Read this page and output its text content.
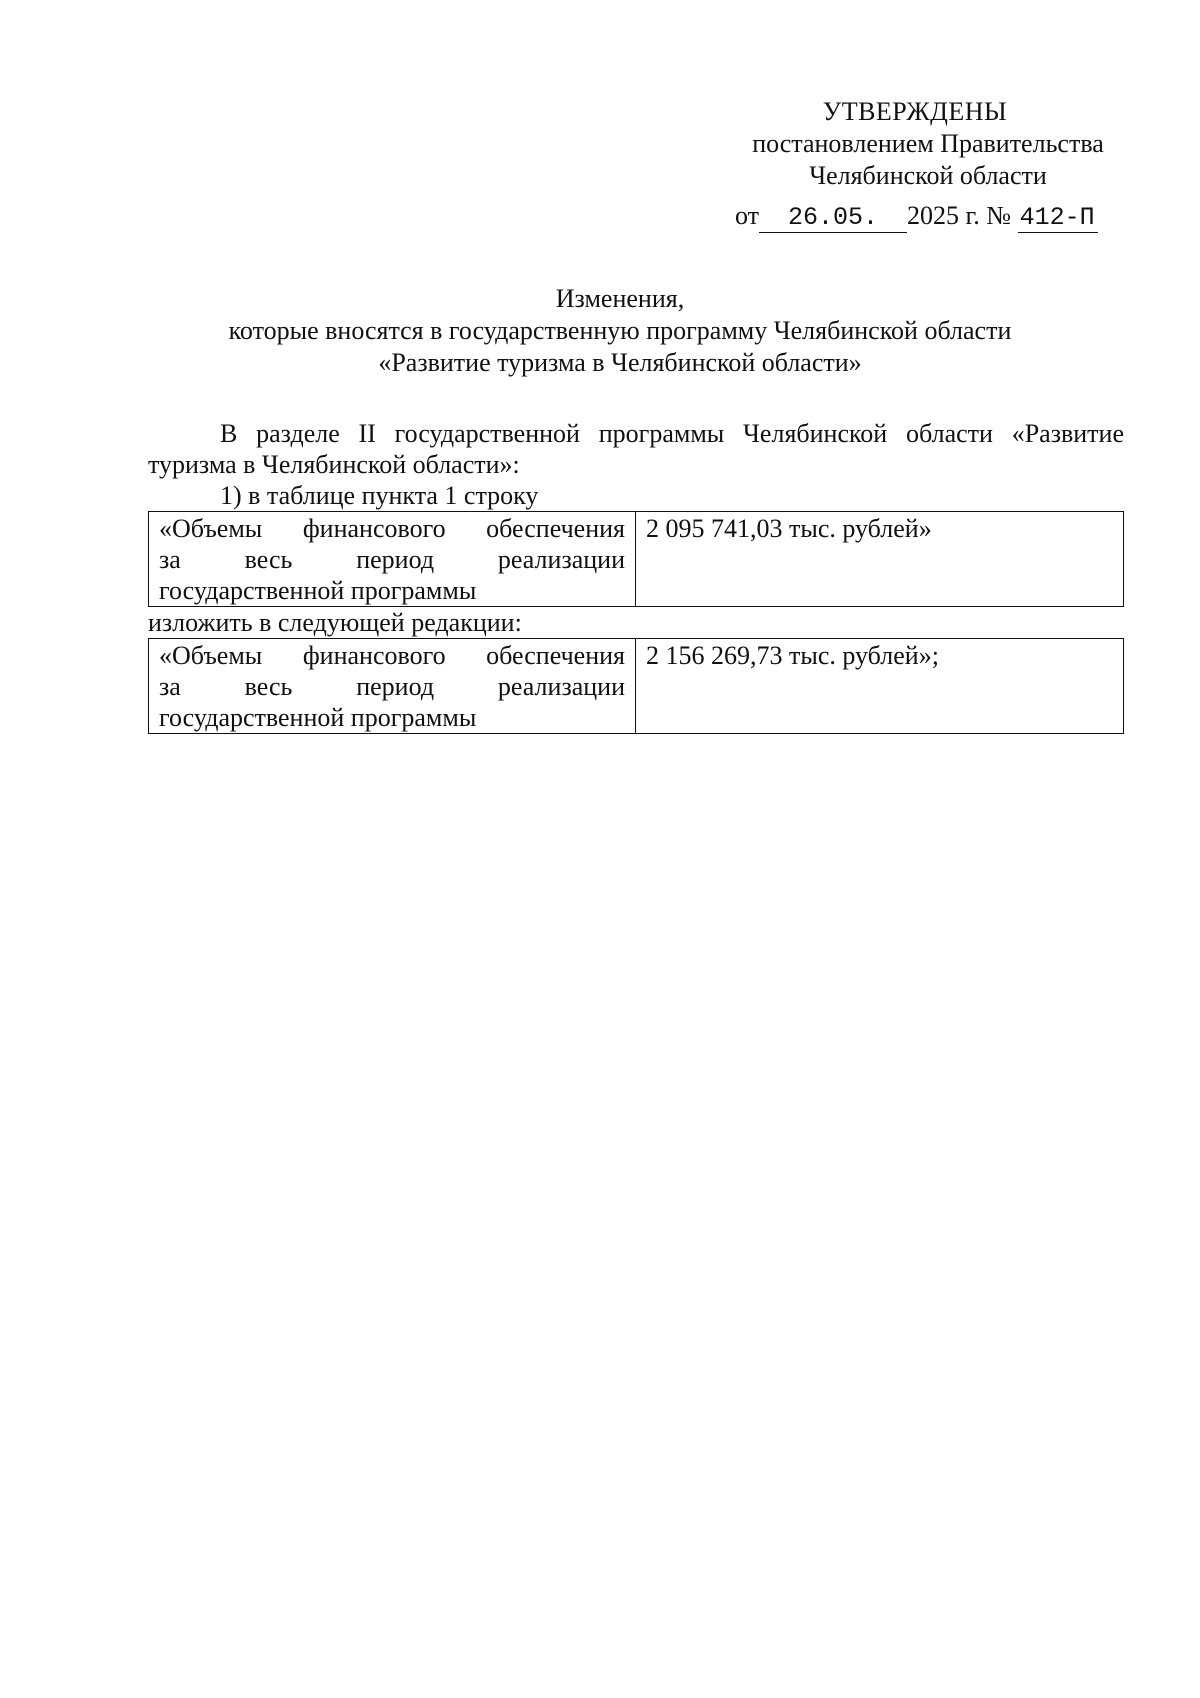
УТВЕРЖДЕНЫ
постановлением Правительства
Челябинской области
от 26.05. 2025 г. № 412-П
Изменения,
которые вносятся в государственную программу Челябинской области
«Развитие туризма в Челябинской области»

В разделе II государственной программы Челябинской области «Развитие туризма в Челябинской области»:

1) в таблице пункта 1 строку

«Объемы финансового обеспечения
за весь период реализации
государственной программы
	2 095 741,03 тыс. рублей»

изложить в следующей редакции:

«Объемы финансового обеспечения
за весь период реализации
государственной программы
	2 156 269,73 тыс. рублей»;
